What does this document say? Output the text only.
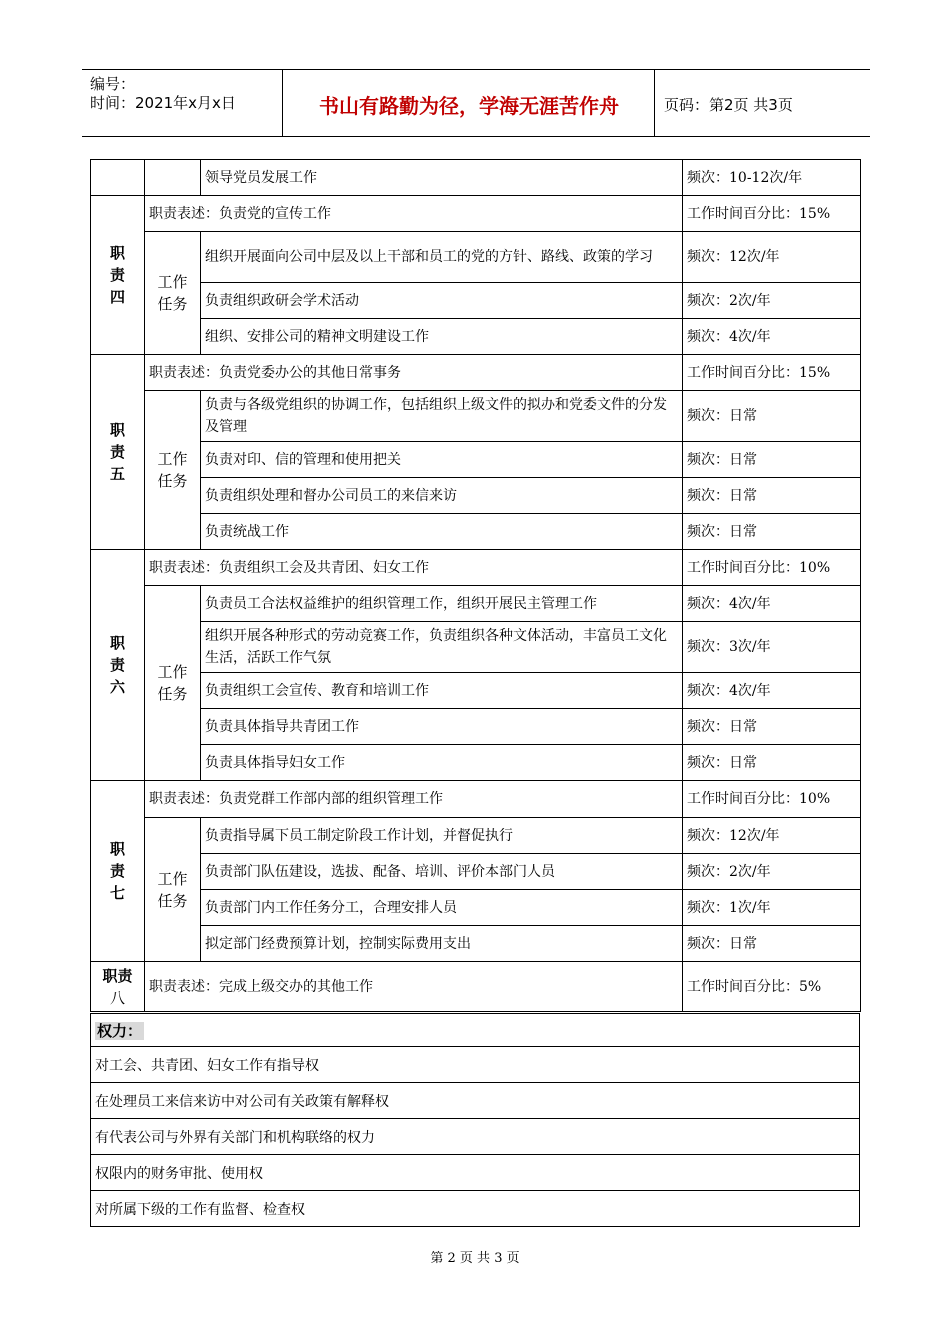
编号：
时间：2021年x月x日	书山有路勤为径，学海无涯苦作舟	页码：第2页 共3页
		领导党员发展工作	频次：10-12次/年

职
责
四	职责表述：负责党的宣传工作		工作时间百分比：15%

	工作
任务	组织开展面向公司中层及以上干部和员工的党的方针、路线、政策的学习	频次：12次/年
		负责组织政研会学术活动	频次：2次/年
		组织、安排公司的精神文明建设工作	频次：4次/年

职
责
五	职责表述：负责党委办公的其他日常事务		工作时间百分比：15%

	工作
任务	负责与各级党组织的协调工作，包括组织上级文件的拟办和党委文件的分发及管理	频次：日常
		负责对印、信的管理和使用把关	频次：日常
		负责组织处理和督办公司员工的来信来访	频次：日常
		负责统战工作	频次：日常

职
责
六	职责表述：负责组织工会及共青团、妇女工作		工作时间百分比：10%

	工作
任务	负责员工合法权益维护的组织管理工作，组织开展民主管理工作	频次：4次/年
		组织开展各种形式的劳动竞赛工作，负责组织各种文体活动，丰富员工文化生活，活跃工作气氛	频次：3次/年
		负责组织工会宣传、教育和培训工作	频次：4次/年
		负责具体指导共青团工作	频次：日常
		负责具体指导妇女工作	频次：日常

职
责
七	职责表述：负责党群工作部内部的组织管理工作		工作时间百分比：10%

	工作
任务	负责指导属下员工制定阶段工作计划，并督促执行	频次：12次/年
		负责部门队伍建设，选拔、配备、培训、评价本部门人员	频次：2次/年
		负责部门内工作任务分工，合理安排人员	频次：1次/年
		拟定部门经费预算计划，控制实际费用支出	频次：日常

职责
八	职责表述：完成上级交办的其他工作		工作时间百分比：5%
权力：
对工会、共青团、妇女工作有指导权
在处理员工来信来访中对公司有关政策有解释权
有代表公司与外界有关部门和机构联络的权力
权限内的财务审批、使用权
对所属下级的工作有监督、检查权
第 2 页 共 3 页
